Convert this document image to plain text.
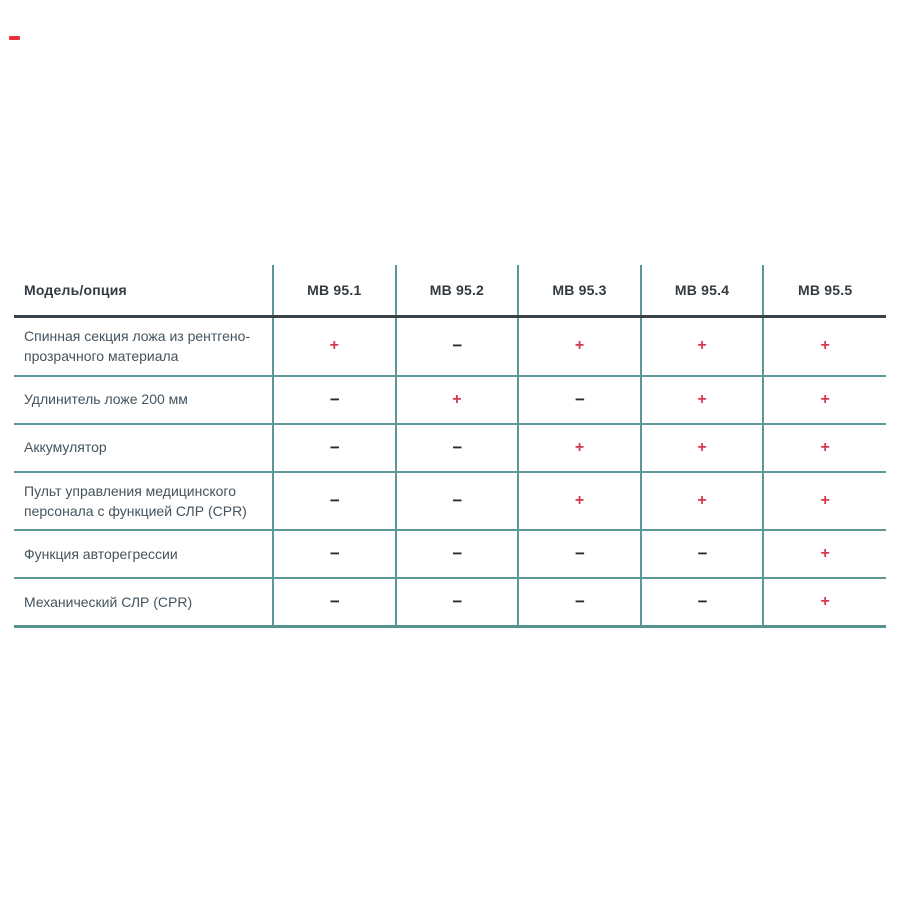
Модель/опция	МВ 95.1	МВ 95.2	МВ 95.3	МВ 95.4	МВ 95.5
Спинная секция ложа из рентгено-прозрачного материала	+	−	+	+	+
Удлинитель ложе 200 мм	−	+	−	+	+
Аккумулятор	−	−	+	+	+
Пульт управления медицинского персонала с функцией СЛР (CPR)	−	−	+	+	+
Функция авторегрессии	−	−	−	−	+
Механический СЛР (CPR)	−	−	−	−	+
